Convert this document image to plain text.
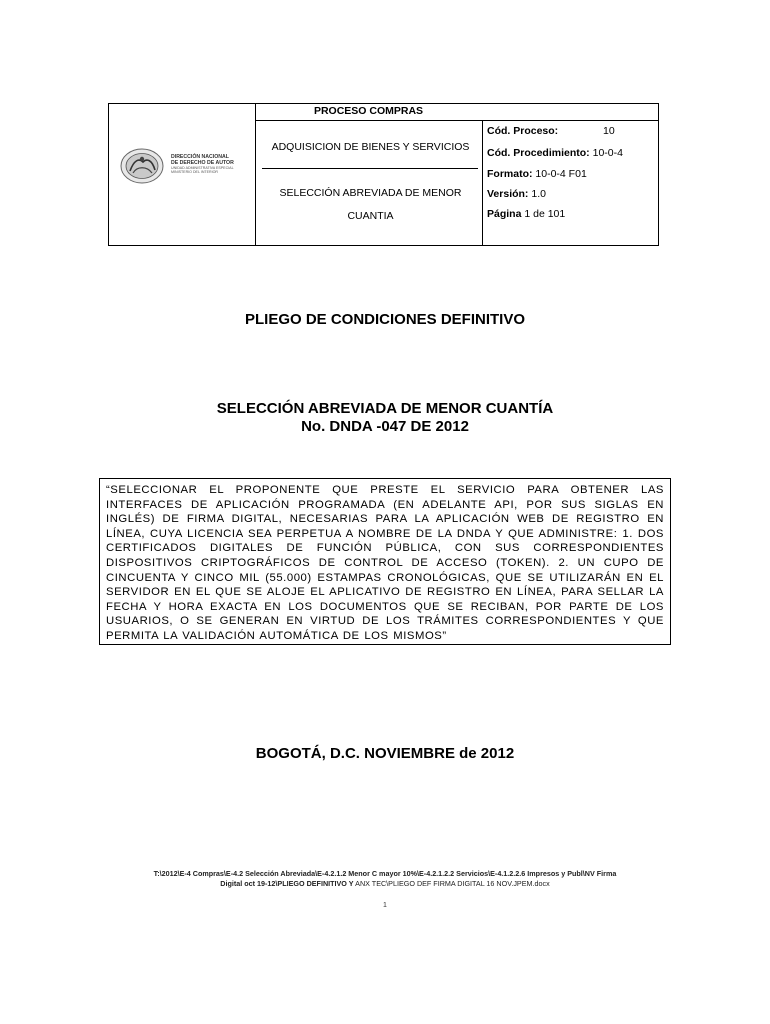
DIRECCIÓN NACIONAL
DE DERECHO DE AUTOR
UNIDAD ADMINISTRATIVA ESPECIAL
MINISTERIO DEL INTERIOR
PROCESO COMPRAS
ADQUISICION DE BIENES Y SERVICIOS
SELECCIÓN ABREVIADA DE MENOR
CUANTIA
Cód. Proceso:	10
Cód. Procedimiento: 10-0-4
Formato: 10-0-4 F01
Versión: 1.0
Página 1 de 101
PLIEGO DE CONDICIONES DEFINITIVO
SELECCIÓN ABREVIADA DE MENOR CUANTÍA
No. DNDA -047 DE 2012

“SELECCIONAR EL PROPONENTE QUE PRESTE EL SERVICIO PARA OBTENER LAS INTERFACES DE APLICACIÓN PROGRAMADA (EN ADELANTE API, POR SUS SIGLAS EN INGLÉS) DE FIRMA DIGITAL, NECESARIAS PARA LA APLICACIÓN WEB DE REGISTRO EN LÍNEA, CUYA LICENCIA SEA PERPETUA A NOMBRE DE LA DNDA Y QUE ADMINISTRE: 1. DOS CERTIFICADOS DIGITALES DE FUNCIÓN PÚBLICA, CON SUS CORRESPONDIENTES DISPOSITIVOS CRIPTOGRÁFICOS DE CONTROL DE ACCESO (TOKEN). 2. UN CUPO DE CINCUENTA Y CINCO MIL (55.000) ESTAMPAS CRONOLÓGICAS, QUE SE UTILIZARÁN EN EL SERVIDOR EN EL QUE SE ALOJE EL APLICATIVO DE REGISTRO EN LÍNEA, PARA SELLAR LA FECHA Y HORA EXACTA EN LOS DOCUMENTOS QUE SE RECIBAN, POR PARTE DE LOS USUARIOS, O SE GENERAN EN VIRTUD DE LOS TRÁMITES CORRESPONDIENTES Y QUE PERMITA LA VALIDACIÓN AUTOMÁTICA DE LOS MISMOS”

BOGOTÁ, D.C. NOVIEMBRE de 2012
T:\2012\E-4 Compras\E-4.2 Selección Abreviada\E-4.2.1.2 Menor C mayor 10%\E-4.2.1.2.2 Servicios\E-4.1.2.2.6 Impresos y Publ\NV Firma
Digital oct 19-12\PLIEGO DEFINITIVO Y ANX TEC\PLIEGO DEF FIRMA DIGITAL 16 NOV.JPEM.docx
1
